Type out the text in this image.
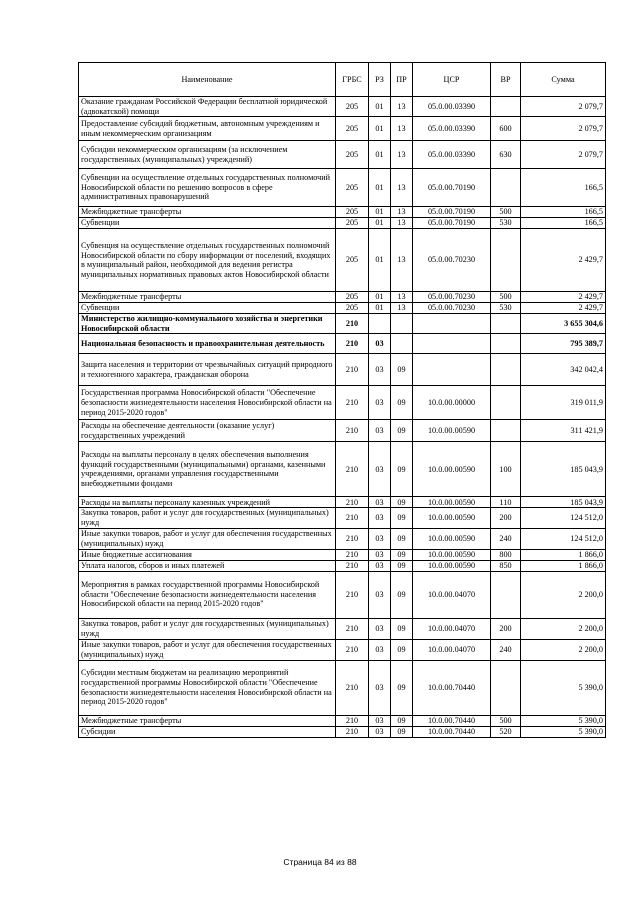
Наименование	ГРБС	РЗ	ПР	ЦСР	ВР	Сумма
Оказание гражданам Российской Федерации бесплатной юридической (адвокатской) помощи	205	01	13	05.0.00.03390		2 079,7
Предоставление субсидий бюджетным, автономным учреждениям и иным некоммерческим организациям	205	01	13	05.0.00.03390	600	2 079,7
Субсидии некоммерческим организациям (за исключением государственных (муниципальных) учреждений)	205	01	13	05.0.00.03390	630	2 079,7
Субвенции на осуществление отдельных государственных полномочий Новосибирской области по решению вопросов в сфере административных правонарушений	205	01	13	05.0.00.70190		166,5
Межбюджетные трансферты	205	01	13	05.0.00.70190	500	166,5
Субвенции	205	01	13	05.0.00.70190	530	166,5
Субвенция на осуществление отдельных государственных полномочий Новосибирской области по сбору информации от поселений, входящих в муниципальный район, необходимой для ведения регистра муниципальных нормативных правовых актов Новосибирской области	205	01	13	05.0.00.70230		2 429,7
Межбюджетные трансферты	205	01	13	05.0.00.70230	500	2 429,7
Субвенции	205	01	13	05.0.00.70230	530	2 429,7
Министерство жилищно-коммунального хозяйства и энергетики Новосибирской области	210					3 655 304,6
Национальная безопасность и правоохранительная деятельность	210	03				795 389,7
Защита населения и территории от чрезвычайных ситуаций природного и техногенного характера, гражданская оборона	210	03	09			342 042,4
Государственная программа Новосибирской области "Обеспечение безопасности жизнедеятельности населения Новосибирской области на период 2015-2020 годов"	210	03	09	10.0.00.00000		319 011,9
Расходы на обеспечение деятельности (оказание услуг) государственных учреждений	210	03	09	10.0.00.00590		311 421,9
Расходы на выплаты персоналу в целях обеспечения выполнения функций государственными (муниципальными) органами, казенными учреждениями, органами управления государственными внебюджетными фондами	210	03	09	10.0.00.00590	100	185 043,9
Расходы на выплаты персоналу казенных учреждений	210	03	09	10.0.00.00590	110	185 043,9
Закупка товаров, работ и услуг для государственных (муниципальных) нужд	210	03	09	10.0.00.00590	200	124 512,0
Иные закупки товаров, работ и услуг для обеспечения государственных (муниципальных) нужд	210	03	09	10.0.00.00590	240	124 512,0
Иные бюджетные ассигнования	210	03	09	10.0.00.00590	800	1 866,0
Уплата налогов, сборов и иных платежей	210	03	09	10.0.00.00590	850	1 866,0
Мероприятия в рамках государственной программы Новосибирской области "Обеспечение безопасности жизнедеятельности населения Новосибирской области на период 2015-2020 годов"	210	03	09	10.0.00.04070		2 200,0
Закупка товаров, работ и услуг для государственных (муниципальных) нужд	210	03	09	10.0.00.04070	200	2 200,0
Иные закупки товаров, работ и услуг для обеспечения государственных (муниципальных) нужд	210	03	09	10.0.00.04070	240	2 200,0
Субсидии местным бюджетам на реализацию мероприятий государственной программы Новосибирской области "Обеспечение безопасности жизнедеятельности населения Новосибирской области на период 2015-2020 годов"	210	03	09	10.0.00.70440		5 390,0
Межбюджетные трансферты	210	03	09	10.0.00.70440	500	5 390,0
Субсидии	210	03	09	10.0.00.70440	520	5 390,0
Страница 84 из 88
